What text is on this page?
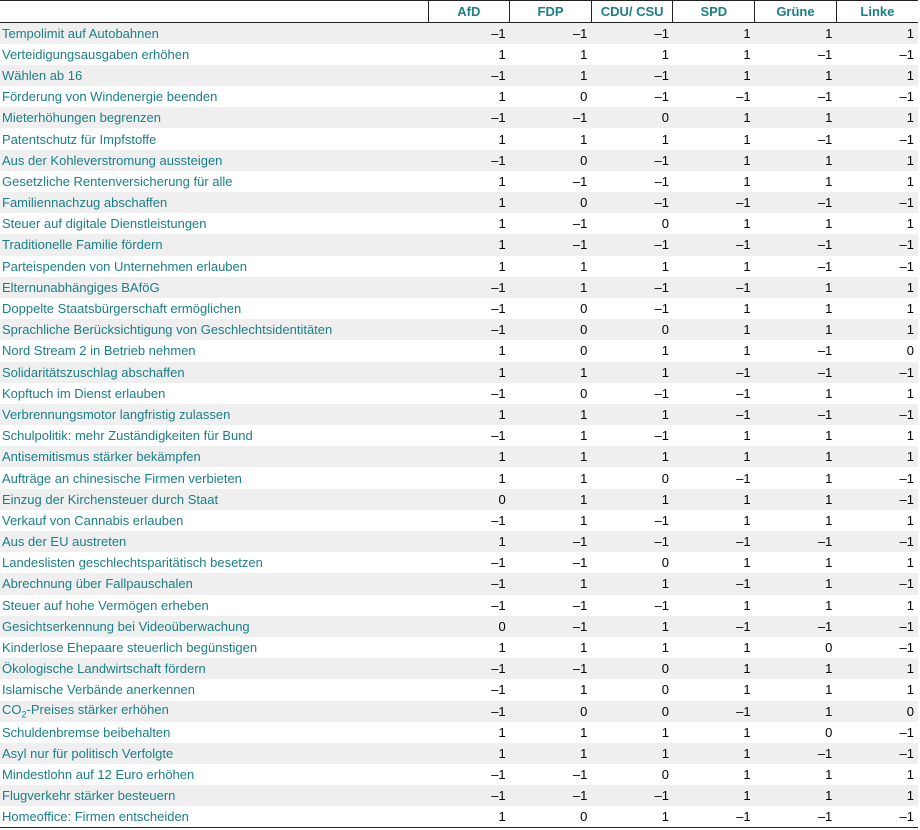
	AfD	FDP	CDU/ CSU	SPD	Grüne	Linke
Tempolimit auf Autobahnen	–1	–1	–1	1	1	1
Verteidigungsausgaben erhöhen	1	1	1	1	–1	–1
Wählen ab 16	–1	1	–1	1	1	1
Förderung von Windenergie beenden	1	0	–1	–1	–1	–1
Mieterhöhungen begrenzen	–1	–1	0	1	1	1
Patentschutz für Impfstoffe	1	1	1	1	–1	–1
Aus der Kohleverstromung aussteigen	–1	0	–1	1	1	1
Gesetzliche Rentenversicherung für alle	1	–1	–1	1	1	1
Familiennachzug abschaffen	1	0	–1	–1	–1	–1
Steuer auf digitale Dienstleistungen	1	–1	0	1	1	1
Traditionelle Familie fördern	1	–1	–1	–1	–1	–1
Parteispenden von Unternehmen erlauben	1	1	1	1	–1	–1
Elternunabhängiges BAföG	–1	1	–1	–1	1	1
Doppelte Staatsbürgerschaft ermöglichen	–1	0	–1	1	1	1
Sprachliche Berücksichtigung von Geschlechtsidentitäten	–1	0	0	1	1	1
Nord Stream 2 in Betrieb nehmen	1	0	1	1	–1	0
Solidaritätszuschlag abschaffen	1	1	1	–1	–1	–1
Kopftuch im Dienst erlauben	–1	0	–1	–1	1	1
Verbrennungsmotor langfristig zulassen	1	1	1	–1	–1	–1
Schulpolitik: mehr Zuständigkeiten für Bund	–1	1	–1	1	1	1
Antisemitismus stärker bekämpfen	1	1	1	1	1	1
Aufträge an chinesische Firmen verbieten	1	1	0	–1	1	–1
Einzug der Kirchensteuer durch Staat	0	1	1	1	1	–1
Verkauf von Cannabis erlauben	–1	1	–1	1	1	1
Aus der EU austreten	1	–1	–1	–1	–1	–1
Landeslisten geschlechtsparitätisch besetzen	–1	–1	0	1	1	1
Abrechnung über Fallpauschalen	–1	1	1	–1	1	–1
Steuer auf hohe Vermögen erheben	–1	–1	–1	1	1	1
Gesichtserkennung bei Videoüberwachung	0	–1	1	–1	–1	–1
Kinderlose Ehepaare steuerlich begünstigen	1	1	1	1	0	–1
Ökologische Landwirtschaft fördern	–1	–1	0	1	1	1
Islamische Verbände anerkennen	–1	1	0	1	1	1
$CO_2$-Preises stärker erhöhen	–1	0	0	–1	1	0
Schuldenbremse beibehalten	1	1	1	1	0	–1
Asyl nur für politisch Verfolgte	1	1	1	1	–1	–1
Mindestlohn auf 12 Euro erhöhen	–1	–1	0	1	1	1
Flugverkehr stärker besteuern	–1	–1	–1	1	1	1
Homeoffice: Firmen entscheiden	1	0	1	–1	–1	–1
